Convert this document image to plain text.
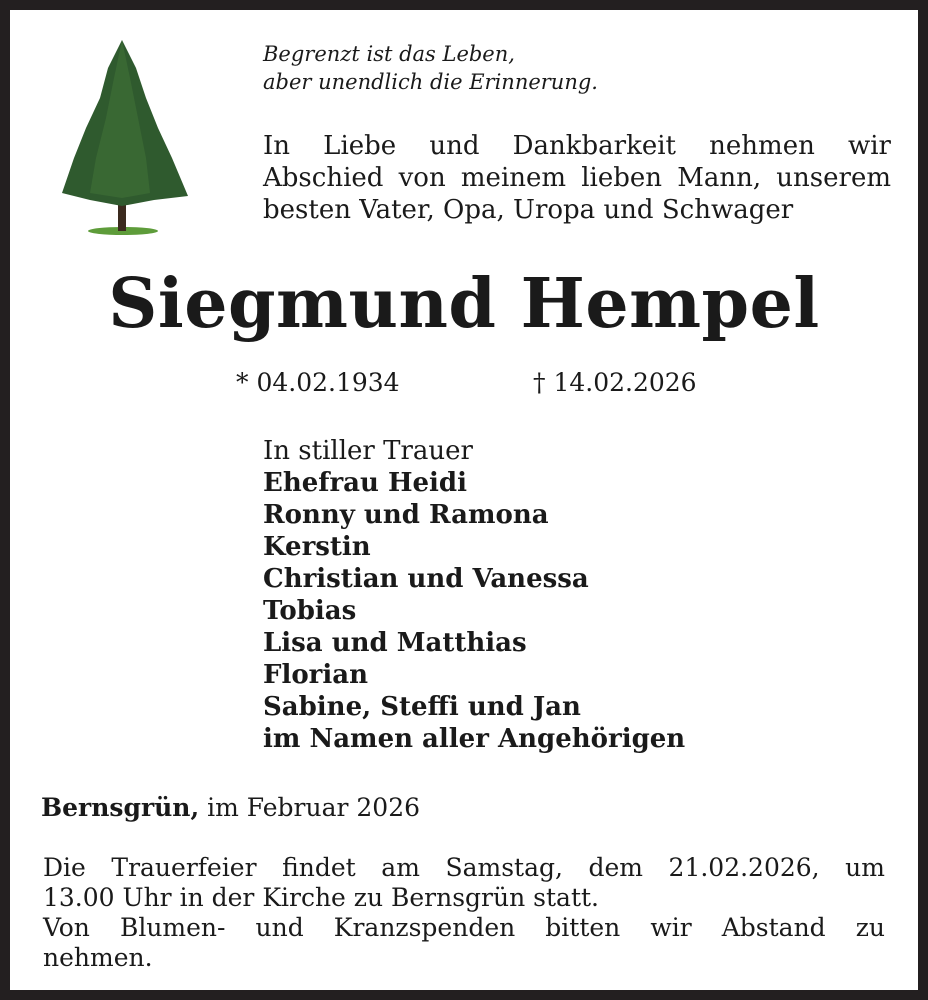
Begrenzt ist das Leben,
aber unendlich die Erinnerung.
In Liebe und Dankbarkeit nehmen wir
Abschied von meinem lieben Mann, unserem
besten Vater, Opa, Uropa und Schwager
Siegmund Hempel
* 04.02.1934	† 14.02.2026
In stiller Trauer
Ehefrau Heidi
Ronny und Ramona
Kerstin
Christian und Vanessa
Tobias
Lisa und Matthias
Florian
Sabine, Steffi und Jan
im Namen aller Angehörigen
Bernsgrün, im Februar 2026
Die Trauerfeier findet am Samstag, dem 21.02.2026, um
13.00 Uhr in der Kirche zu Bernsgrün statt.
Von Blumen- und Kranzspenden bitten wir Abstand zu
nehmen.
